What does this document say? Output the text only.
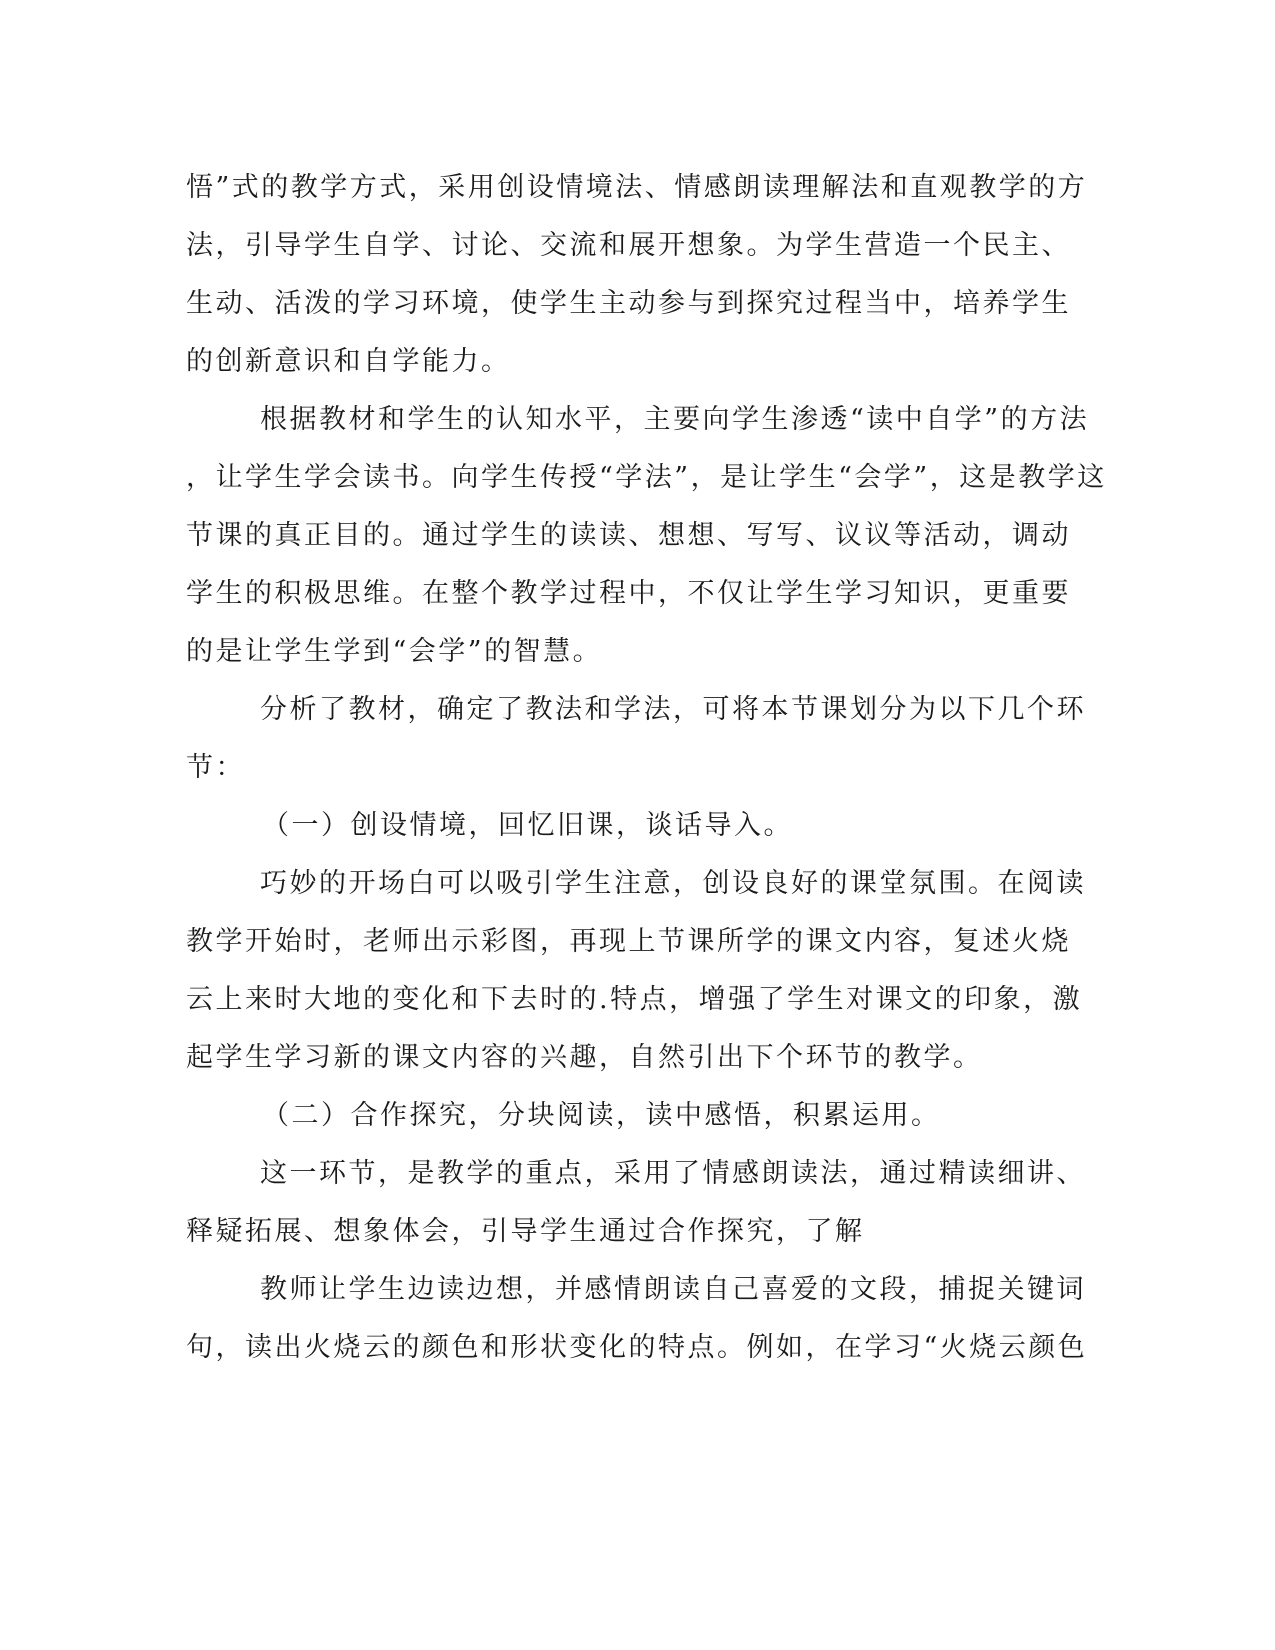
悟”式的教学方式，采用创设情境法、情感朗读理解法和直观教学的方
法，引导学生自学、讨论、交流和展开想象。为学生营造一个民主、
生动、活泼的学习环境，使学生主动参与到探究过程当中，培养学生
的创新意识和自学能力。
根据教材和学生的认知水平，主要向学生渗透“读中自学”的方法
，让学生学会读书。向学生传授“学法”，是让学生“会学”，这是教学这
节课的真正目的。通过学生的读读、想想、写写、议议等活动，调动
学生的积极思维。在整个教学过程中，不仅让学生学习知识，更重要
的是让学生学到“会学”的智慧。
分析了教材，确定了教法和学法，可将本节课划分为以下几个环
节：
（一）创设情境，回忆旧课，谈话导入。
巧妙的开场白可以吸引学生注意，创设良好的课堂氛围。在阅读
教学开始时，老师出示彩图，再现上节课所学的课文内容，复述火烧
云上来时大地的变化和下去时的.特点，增强了学生对课文的印象，激
起学生学习新的课文内容的兴趣，自然引出下个环节的教学。
（二）合作探究，分块阅读，读中感悟，积累运用。
这一环节，是教学的重点，采用了情感朗读法，通过精读细讲、
释疑拓展、想象体会，引导学生通过合作探究，了解
教师让学生边读边想，并感情朗读自己喜爱的文段，捕捉关键词
句，读出火烧云的颜色和形状变化的特点。例如，在学习“火烧云颜色
